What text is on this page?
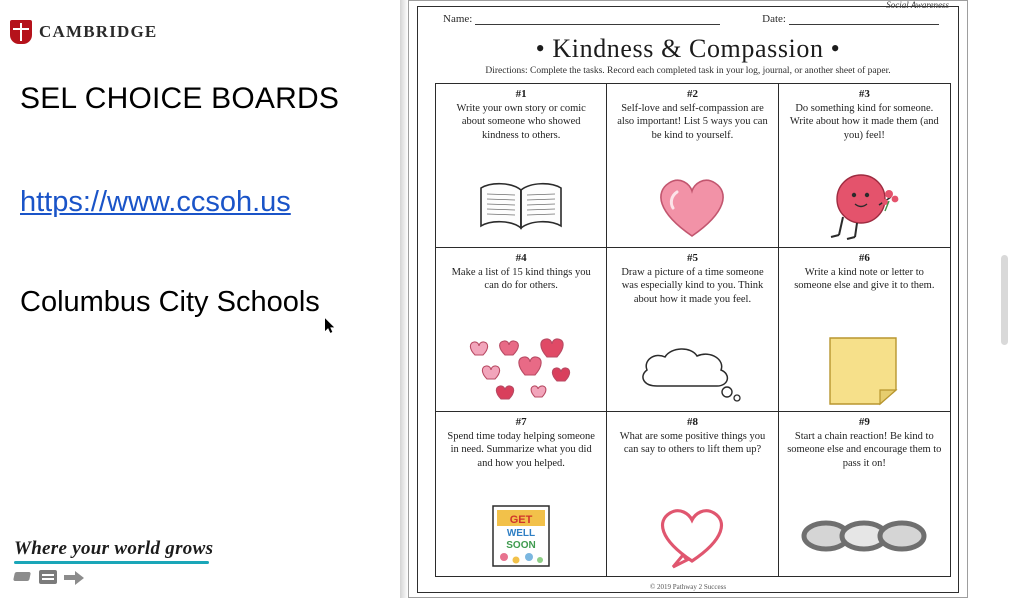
CAMBRIDGE
SEL CHOICE BOARDS
https://www.ccsoh.us
Columbus City Schools
Where your world grows
Social Awareness
Name:	Date:
• Kindness & Compassion •
Directions: Complete the tasks. Record each completed task in your log, journal, or another sheet of paper.
#1
Write your own story or comic about someone who showed kindness to others.
#2
Self-love and self-compassion are also important! List 5 ways you can be kind to yourself.
#3
Do something kind for someone. Write about how it made them (and you) feel!
#4
Make a list of 15 kind things you can do for others.
#5
Draw a picture of a time someone was especially kind to you. Think about how it made you feel.
#6
Write a kind note or letter to someone else and give it to them.
#7
Spend time today helping someone in need. Summarize what you did and how you helped.
GET
WELL
SOON
#8
What are some positive things you can say to others to lift them up?
#9
Start a chain reaction! Be kind to someone else and encourage them to pass it on!
© 2019 Pathway 2 Success
